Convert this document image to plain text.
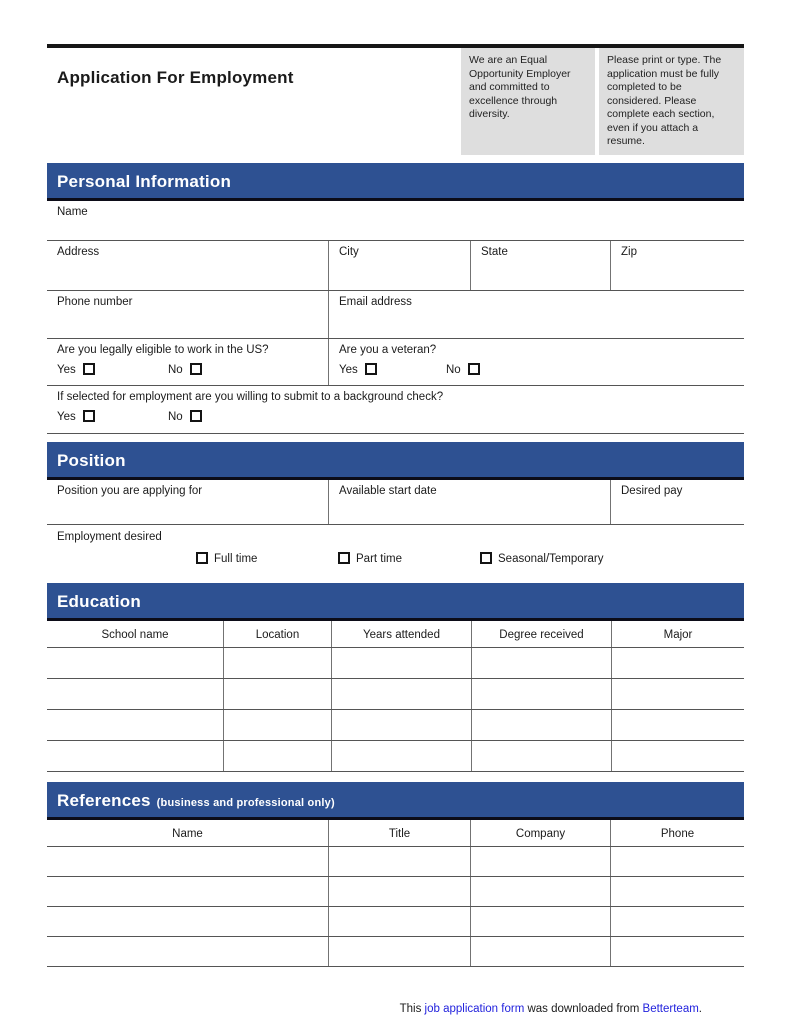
Application For Employment
We are an Equal Opportunity Employer and committed to excellence through diversity.
Please print or type. The application must be fully completed to be considered. Please complete each section, even if you attach a resume.
Personal Information
Name
Address	City	State	Zip
Phone number	Email address
Are you legally eligible to work in the US?
Yes	No
Are you a veteran?
Yes	No
If selected for employment are you willing to submit to a background check?
Yes	No
Position
Position you are applying for	Available start date	Desired pay
Employment desired
Full time	Part time	Seasonal/Temporary
Education
School name	Location	Years attended	Degree received	Major
References (business and professional only)
Name	Title	Company	Phone
This job application form was downloaded from Betterteam.
